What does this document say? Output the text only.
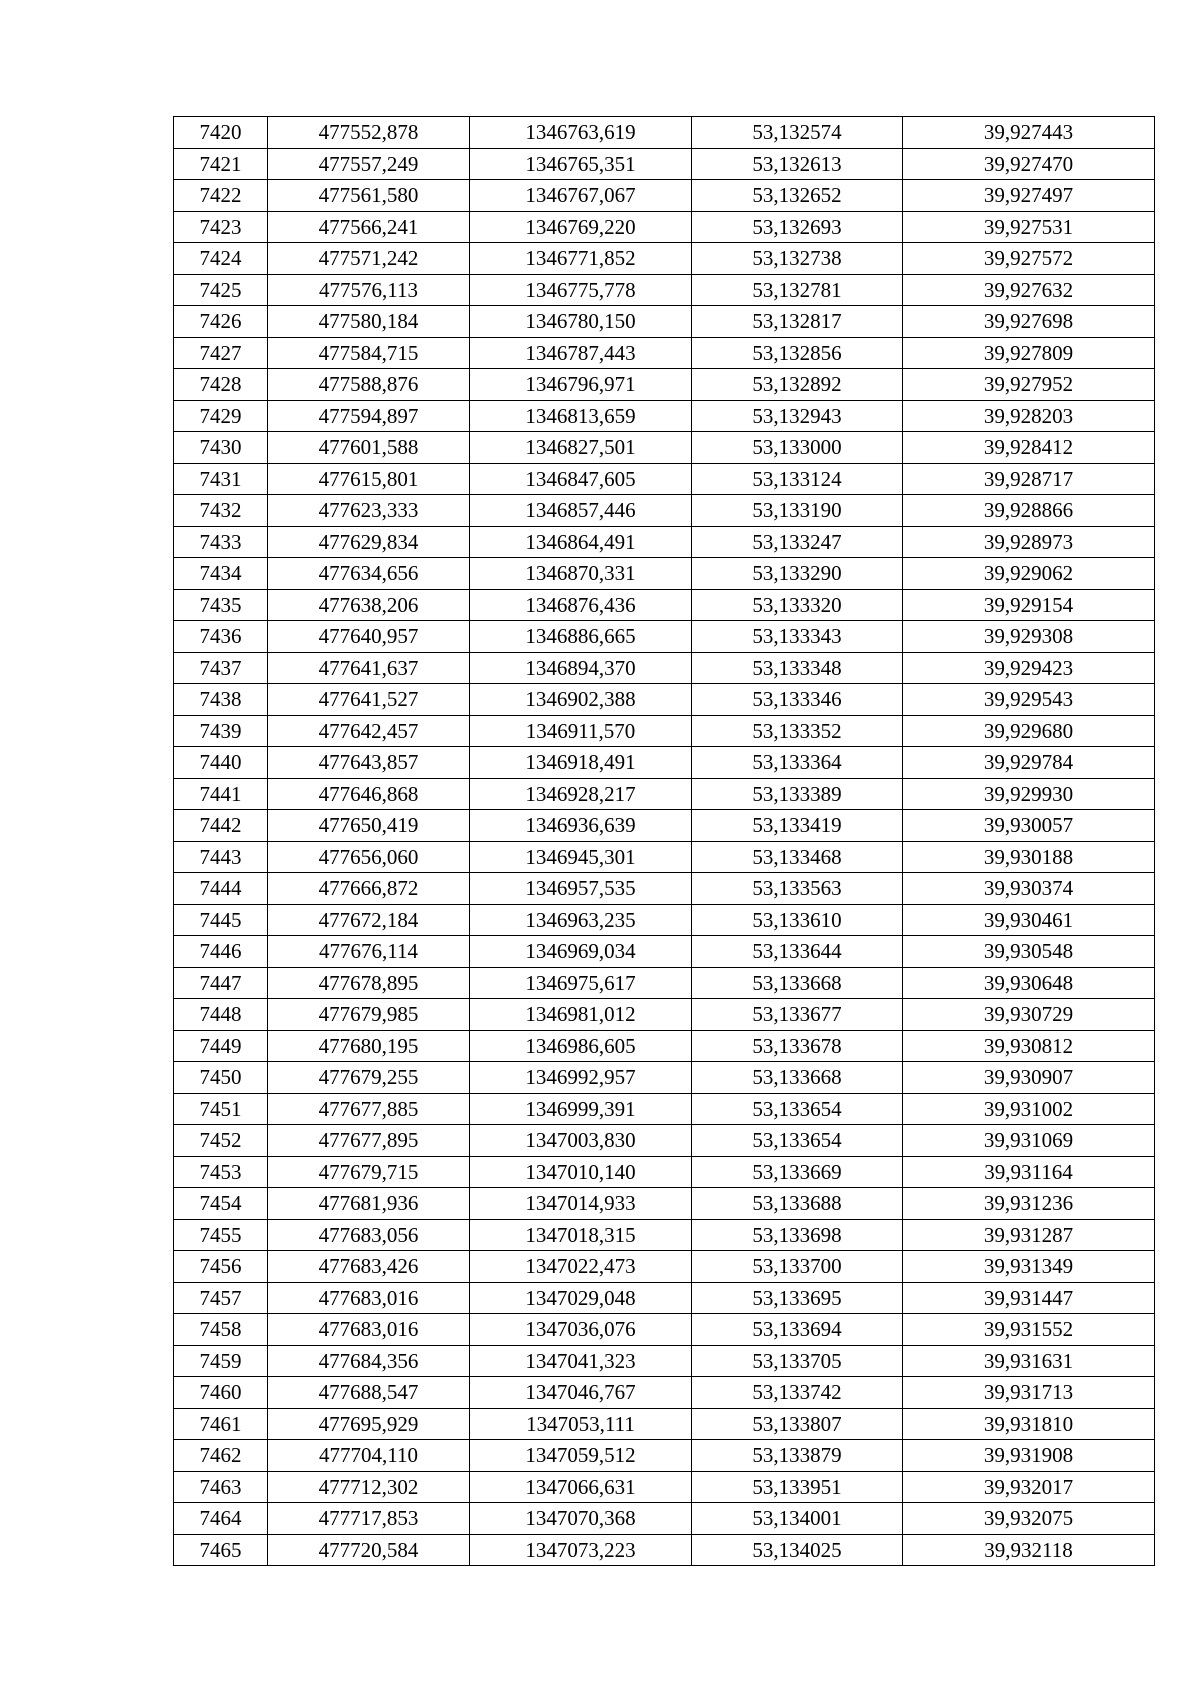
7420	477552,878	1346763,619	53,132574	39,927443
7421	477557,249	1346765,351	53,132613	39,927470
7422	477561,580	1346767,067	53,132652	39,927497
7423	477566,241	1346769,220	53,132693	39,927531
7424	477571,242	1346771,852	53,132738	39,927572
7425	477576,113	1346775,778	53,132781	39,927632
7426	477580,184	1346780,150	53,132817	39,927698
7427	477584,715	1346787,443	53,132856	39,927809
7428	477588,876	1346796,971	53,132892	39,927952
7429	477594,897	1346813,659	53,132943	39,928203
7430	477601,588	1346827,501	53,133000	39,928412
7431	477615,801	1346847,605	53,133124	39,928717
7432	477623,333	1346857,446	53,133190	39,928866
7433	477629,834	1346864,491	53,133247	39,928973
7434	477634,656	1346870,331	53,133290	39,929062
7435	477638,206	1346876,436	53,133320	39,929154
7436	477640,957	1346886,665	53,133343	39,929308
7437	477641,637	1346894,370	53,133348	39,929423
7438	477641,527	1346902,388	53,133346	39,929543
7439	477642,457	1346911,570	53,133352	39,929680
7440	477643,857	1346918,491	53,133364	39,929784
7441	477646,868	1346928,217	53,133389	39,929930
7442	477650,419	1346936,639	53,133419	39,930057
7443	477656,060	1346945,301	53,133468	39,930188
7444	477666,872	1346957,535	53,133563	39,930374
7445	477672,184	1346963,235	53,133610	39,930461
7446	477676,114	1346969,034	53,133644	39,930548
7447	477678,895	1346975,617	53,133668	39,930648
7448	477679,985	1346981,012	53,133677	39,930729
7449	477680,195	1346986,605	53,133678	39,930812
7450	477679,255	1346992,957	53,133668	39,930907
7451	477677,885	1346999,391	53,133654	39,931002
7452	477677,895	1347003,830	53,133654	39,931069
7453	477679,715	1347010,140	53,133669	39,931164
7454	477681,936	1347014,933	53,133688	39,931236
7455	477683,056	1347018,315	53,133698	39,931287
7456	477683,426	1347022,473	53,133700	39,931349
7457	477683,016	1347029,048	53,133695	39,931447
7458	477683,016	1347036,076	53,133694	39,931552
7459	477684,356	1347041,323	53,133705	39,931631
7460	477688,547	1347046,767	53,133742	39,931713
7461	477695,929	1347053,111	53,133807	39,931810
7462	477704,110	1347059,512	53,133879	39,931908
7463	477712,302	1347066,631	53,133951	39,932017
7464	477717,853	1347070,368	53,134001	39,932075
7465	477720,584	1347073,223	53,134025	39,932118
